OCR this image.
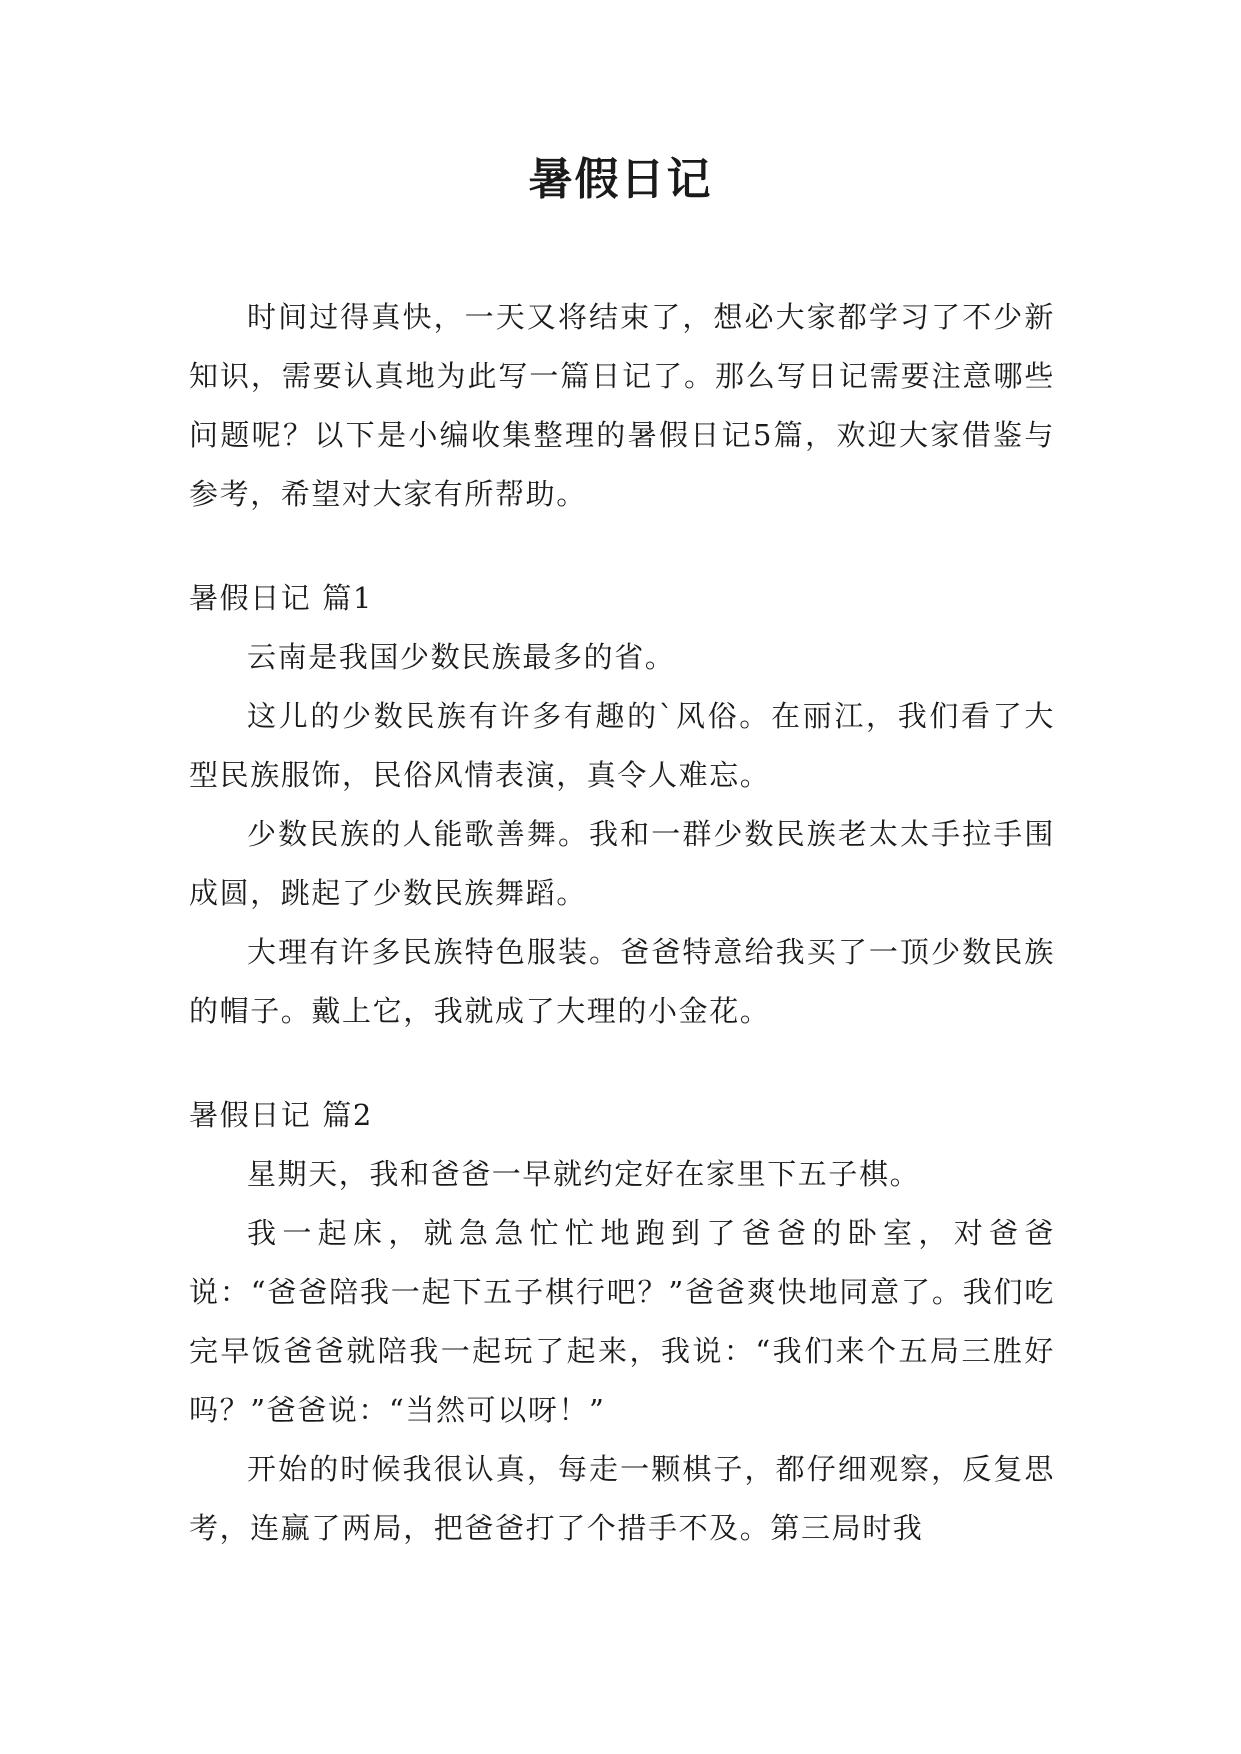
暑假日记

时间过得真快，一天又将结束了，想必大家都学习了不少新知识，需要认真地为此写一篇日记了。那么写日记需要注意哪些问题呢？以下是小编收集整理的暑假日记5篇，欢迎大家借鉴与参考，希望对大家有所帮助。

暑假日记 篇1

云南是我国少数民族最多的省。

这儿的少数民族有许多有趣的`风俗。在丽江，我们看了大型民族服饰，民俗风情表演，真令人难忘。

少数民族的人能歌善舞。我和一群少数民族老太太手拉手围成圆，跳起了少数民族舞蹈。

大理有许多民族特色服装。爸爸特意给我买了一顶少数民族的帽子。戴上它，我就成了大理的小金花。

暑假日记 篇2

星期天，我和爸爸一早就约定好在家里下五子棋。

我一起床，就急急忙忙地跑到了爸爸的卧室，对爸爸说：“爸爸陪我一起下五子棋行吧？”爸爸爽快地同意了。我们吃完早饭爸爸就陪我一起玩了起来，我说：“我们来个五局三胜好吗？”爸爸说：“当然可以呀！”

开始的时候我很认真，每走一颗棋子，都仔细观察，反复思考，连赢了两局，把爸爸打了个措手不及。第三局时我
